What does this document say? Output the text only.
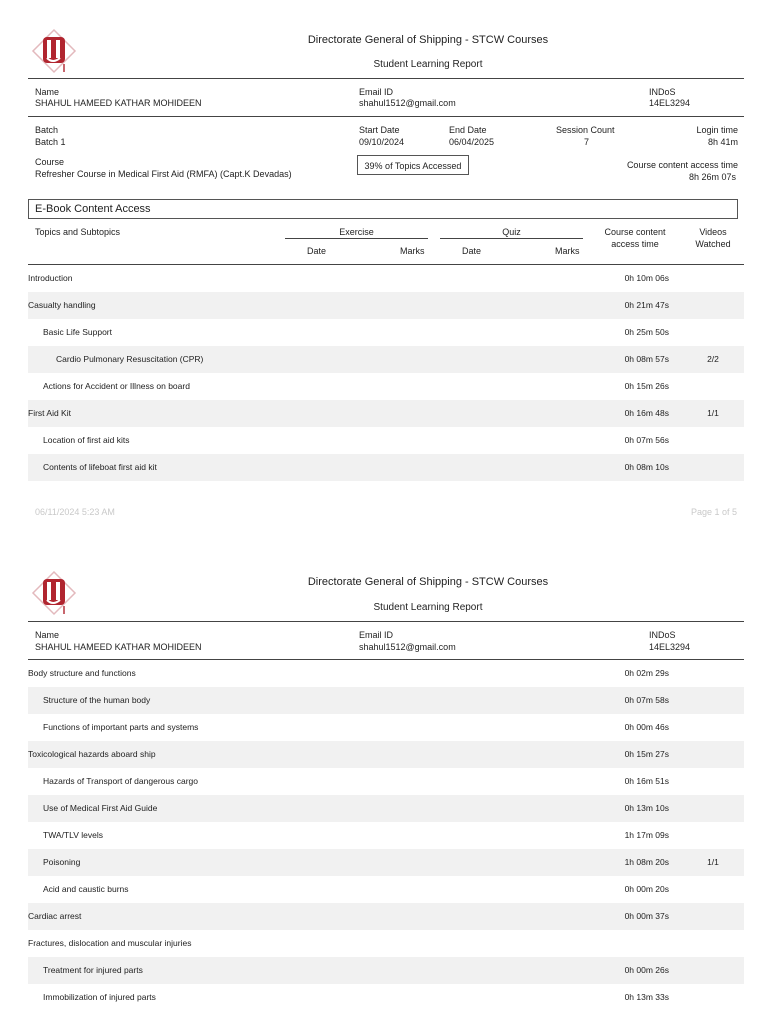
Directorate General of Shipping - STCW Courses
Student Learning Report
Name
SHAHUL HAMEED KATHAR MOHIDEEN
Email ID
shahul1512@gmail.com
INDoS
14EL3294
Batch
Batch 1
Start Date
09/10/2024
End Date
06/04/2025
Session Count
7
Login time
8h 41m
Course
Refresher Course in Medical First Aid (RMFA) (Capt.K Devadas)
39% of Topics Accessed	Course content access time
8h 26m 07s
E-Book Content Access
Topics and Subtopics	Exercise	Quiz
Date	Marks	Date	Marks
Course content
access time
Videos
Watched
Introduction	0h 10m 06s
Casualty handling	0h 21m 47s
Basic Life Support	0h 25m 50s
Cardio Pulmonary Resuscitation (CPR)	0h 08m 57s	2/2
Actions for Accident or Illness on board	0h 15m 26s
First Aid Kit	0h 16m 48s	1/1
Location of first aid kits	0h 07m 56s
Contents of lifeboat first aid kit	0h 08m 10s
06/11/2024 5:23 AM	Page 1 of 5
Directorate General of Shipping - STCW Courses
Student Learning Report
Name
SHAHUL HAMEED KATHAR MOHIDEEN
Email ID
shahul1512@gmail.com
INDoS
14EL3294
Body structure and functions	0h 02m 29s
Structure of the human body	0h 07m 58s
Functions of important parts and systems	0h 00m 46s
Toxicological hazards aboard ship	0h 15m 27s
Hazards of Transport of dangerous cargo	0h 16m 51s
Use of Medical First Aid Guide	0h 13m 10s
TWA/TLV levels	1h 17m 09s
Poisoning	1h 08m 20s	1/1
Acid and caustic burns	0h 00m 20s
Cardiac arrest	0h 00m 37s
Fractures, dislocation and muscular injuries
Treatment for injured parts	0h 00m 26s
Immobilization of injured parts	0h 13m 33s
